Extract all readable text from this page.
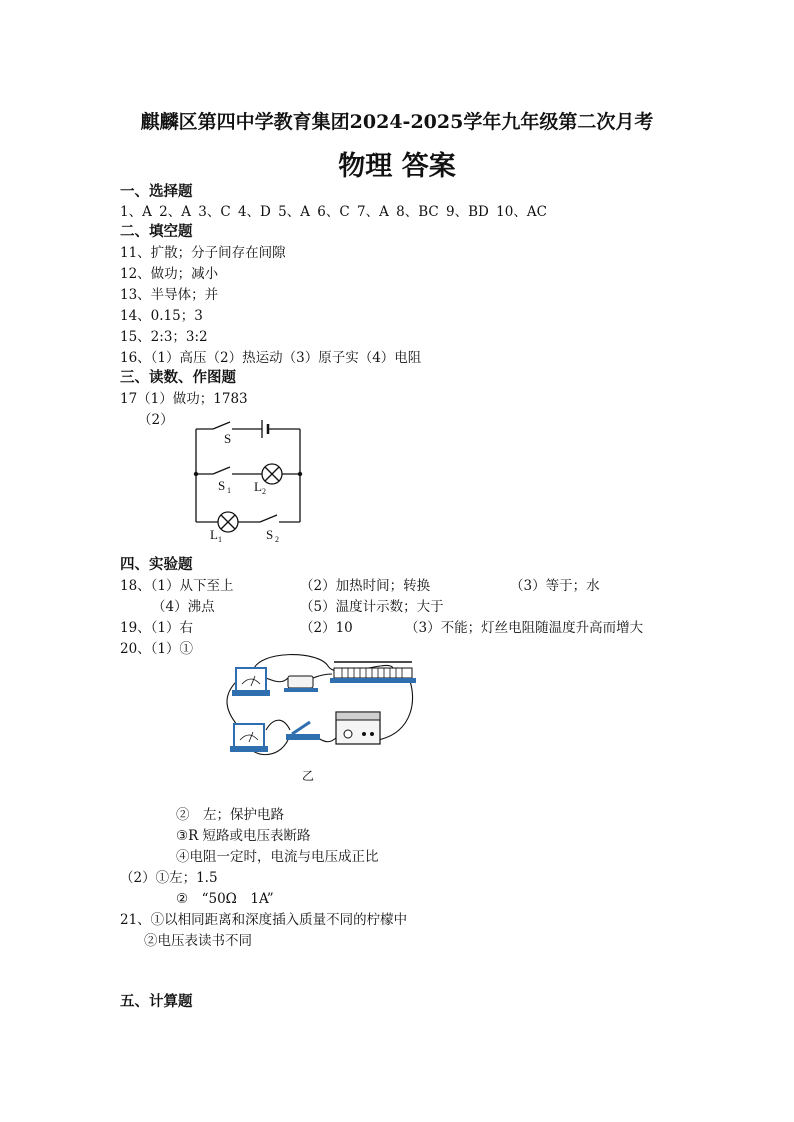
麒麟区第四中学教育集团2024-2025学年九年级第二次月考
物理 答案
一、选择题
1、A 2、A 3、C 4、D 5、A 6、C 7、A 8、BC 9、BD 10、AC
二、填空题
11、扩散；分子间存在间隙
12、做功；减小
13、半导体；并
14、0.15；3
15、2:3；3:2
16、（1）高压（2）热运动（3）原子实（4）电阻
三、读数、作图题
17（1）做功；1783
（2）
S
S 1 L 2
L 1	S 2
四、实验题
18、（1）从下至上	（2）加热时间；转换	（3）等于；水
（4）沸点	（5）温度计示数；大于
19、（1）右	（2）10	（3）不能；灯丝电阻随温度升高而增大
20、（1）①
乙
②　左；保护电路
③R 短路或电压表断路
④电阻一定时，电流与电压成正比
（2）①左；1.5
②　“50Ω　1A”
21、①以相同距离和深度插入质量不同的柠檬中
②电压表读书不同
五、计算题
